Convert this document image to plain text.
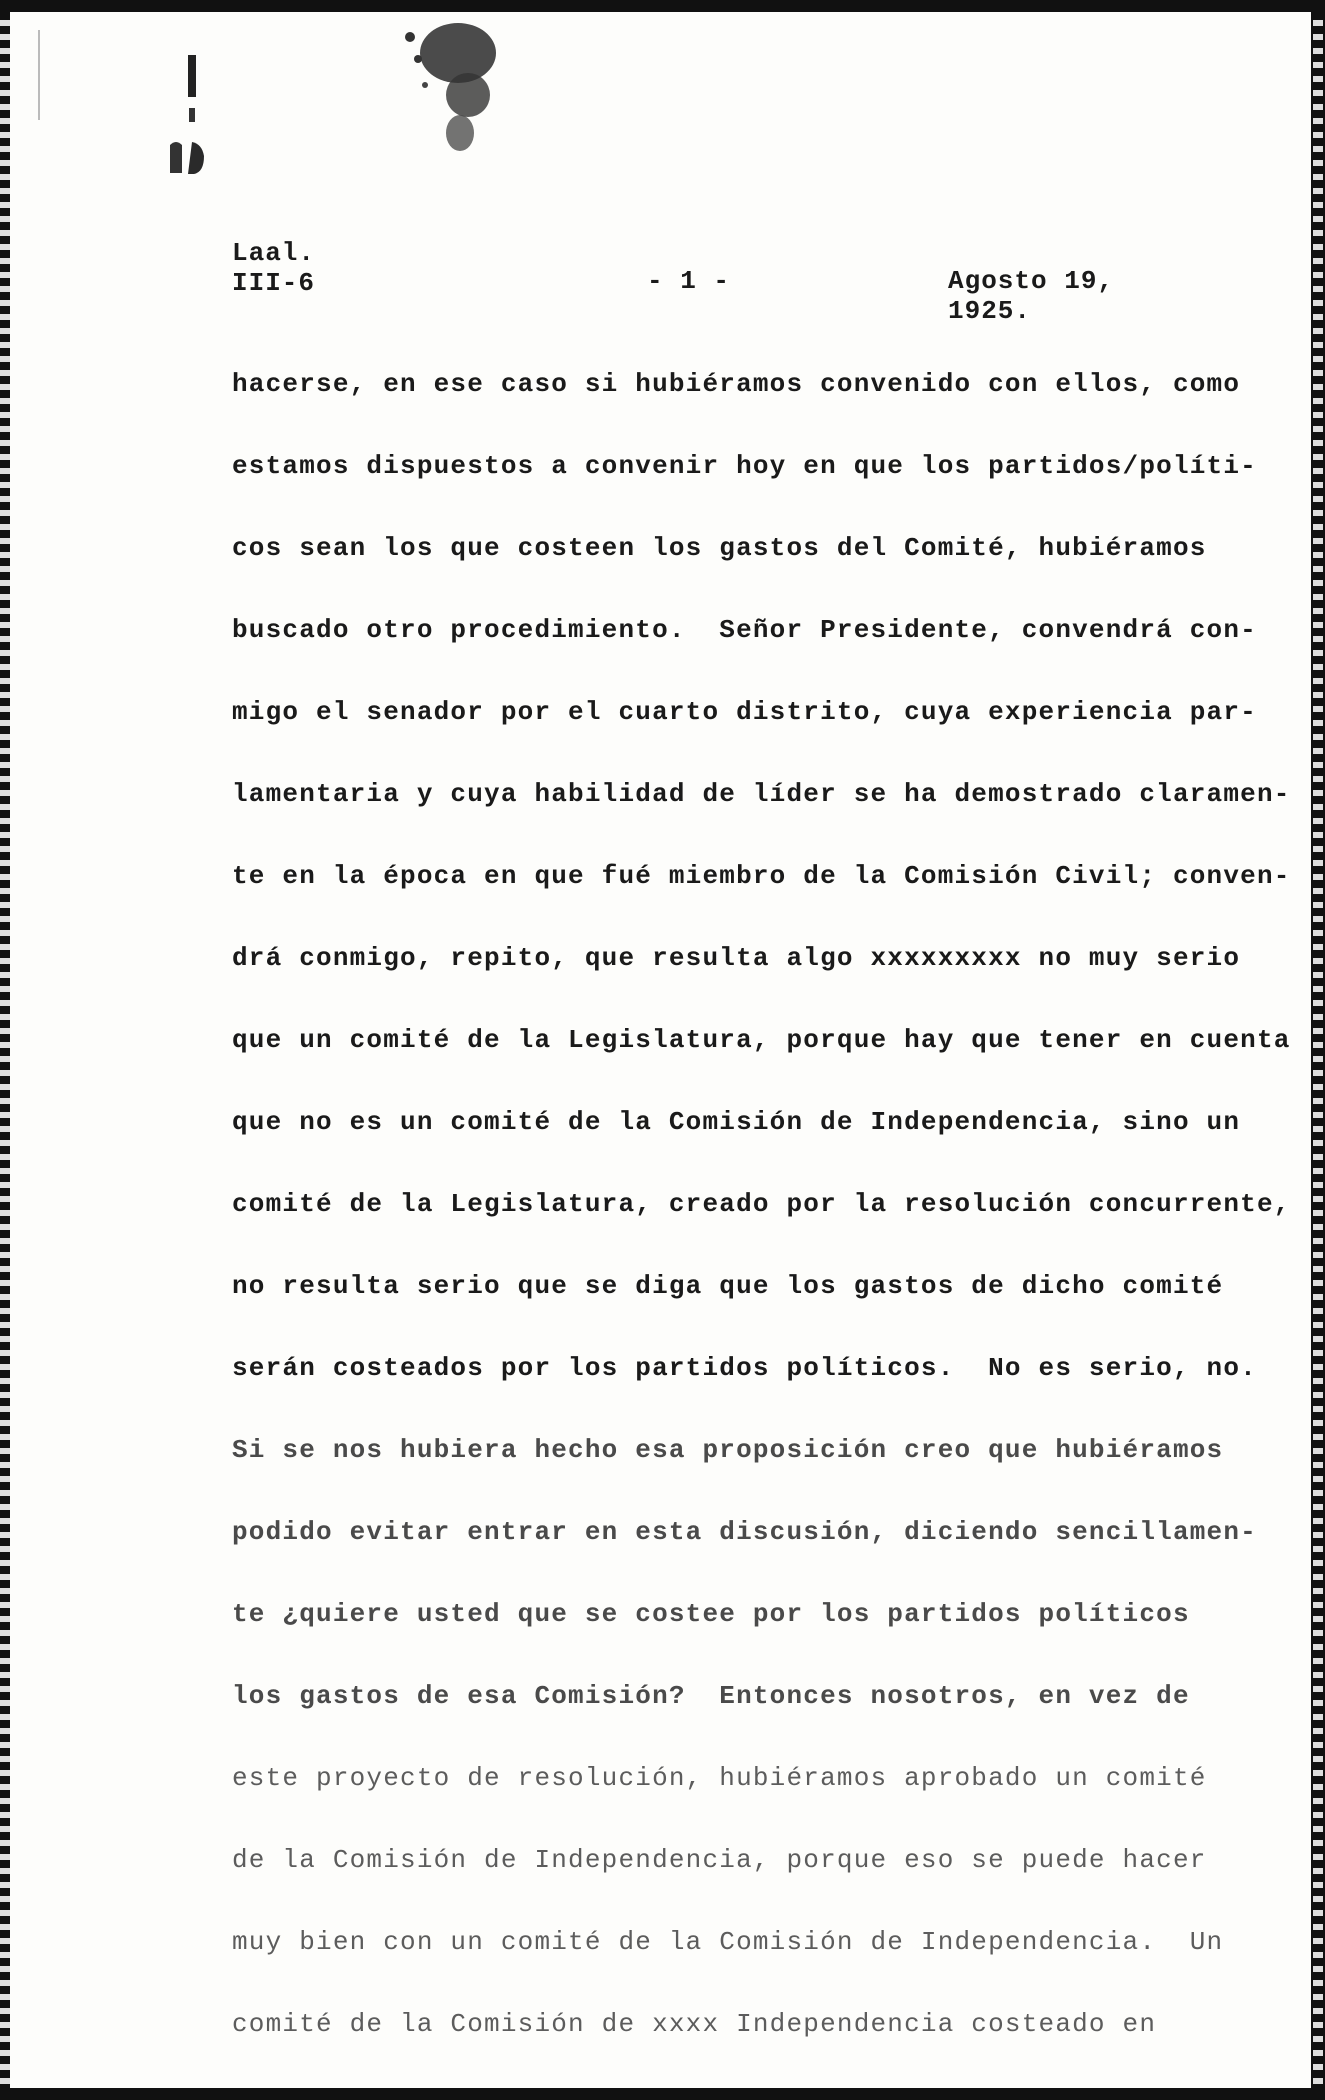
Laal.
III-6	- 1 -	Agosto 19, 1925.
hacerse, en ese caso si hubiéramos convenido con ellos, como
estamos dispuestos a convenir hoy en que los partidos/políti-
cos sean los que costeen los gastos del Comité, hubiéramos
buscado otro procedimiento.  Señor Presidente, convendrá con-
migo el senador por el cuarto distrito, cuya experiencia par-
lamentaria y cuya habilidad de líder se ha demostrado claramen-
te en la época en que fué miembro de la Comisión Civil; conven-
drá conmigo, repito, que resulta algo xxxxxxxxx no muy serio
que un comité de la Legislatura, porque hay que tener en cuenta
que no es un comité de la Comisión de Independencia, sino un
comité de la Legislatura, creado por la resolución concurrente,
no resulta serio que se diga que los gastos de dicho comité
serán costeados por los partidos políticos.  No es serio, no.
Si se nos hubiera hecho esa proposición creo que hubiéramos
podido evitar entrar en esta discusión, diciendo sencillamen-
te ¿quiere usted que se costee por los partidos políticos
los gastos de esa Comisión?  Entonces nosotros, en vez de
este proyecto de resolución, hubiéramos aprobado un comité
de la Comisión de Independencia, porque eso se puede hacer
muy bien con un comité de la Comisión de Independencia.  Un
comité de la Comisión de xxxx Independencia costeado en
